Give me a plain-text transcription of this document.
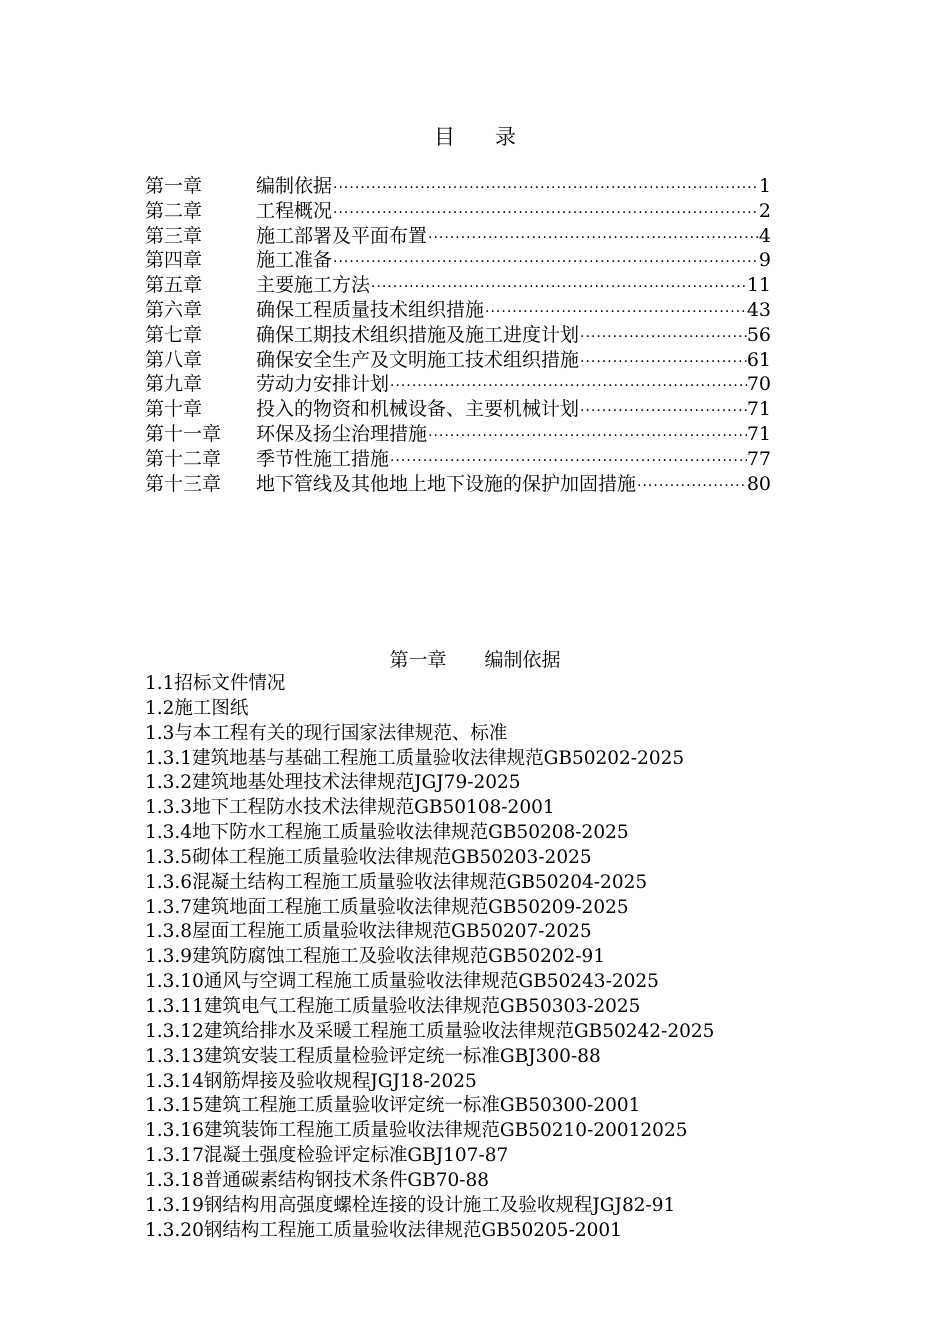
目录
第一章	编制依据 ·····	1
第二章	工程概况 ·····	2
第三章	施工部署及平面布置 ·····	4
第四章	施工准备 ·····	9
第五章	主要施工方法 ·····	11
第六章	确保工程质量技术组织措施 ·····	43
第七章	确保工期技术组织措施及施工进度计划 ·····	56
第八章	确保安全生产及文明施工技术组织措施 ·····	61
第九章	劳动力安排计划 ·····	70
第十章	投入的物资和机械设备、主要机械计划 ·····	71
第十一章	环保及扬尘治理措施 ·····	71
第十二章	季节性施工措施 ·····	77
第十三章	地下管线及其他地上地下设施的保护加固措施 ·····	80
第一章 编制依据
1.1招标文件情况
1.2施工图纸
1.3与本工程有关的现行国家法律规范、标准
1.3.1建筑地基与基础工程施工质量验收法律规范GB50202-2025
1.3.2建筑地基处理技术法律规范JGJ79-2025
1.3.3地下工程防水技术法律规范GB50108-2001
1.3.4地下防水工程施工质量验收法律规范GB50208-2025
1.3.5砌体工程施工质量验收法律规范GB50203-2025
1.3.6混凝土结构工程施工质量验收法律规范GB50204-2025
1.3.7建筑地面工程施工质量验收法律规范GB50209-2025
1.3.8屋面工程施工质量验收法律规范GB50207-2025
1.3.9建筑防腐蚀工程施工及验收法律规范GB50202-91
1.3.10通风与空调工程施工质量验收法律规范GB50243-2025
1.3.11建筑电气工程施工质量验收法律规范GB50303-2025
1.3.12建筑给排水及采暖工程施工质量验收法律规范GB50242-2025
1.3.13建筑安装工程质量检验评定统一标准GBJ300-88
1.3.14钢筋焊接及验收规程JGJ18-2025
1.3.15建筑工程施工质量验收评定统一标准GB50300-2001
1.3.16建筑装饰工程施工质量验收法律规范GB50210-20012025
1.3.17混凝土强度检验评定标准GBJ107-87
1.3.18普通碳素结构钢技术条件GB70-88
1.3.19钢结构用高强度螺栓连接的设计施工及验收规程JGJ82-91
1.3.20钢结构工程施工质量验收法律规范GB50205-2001
